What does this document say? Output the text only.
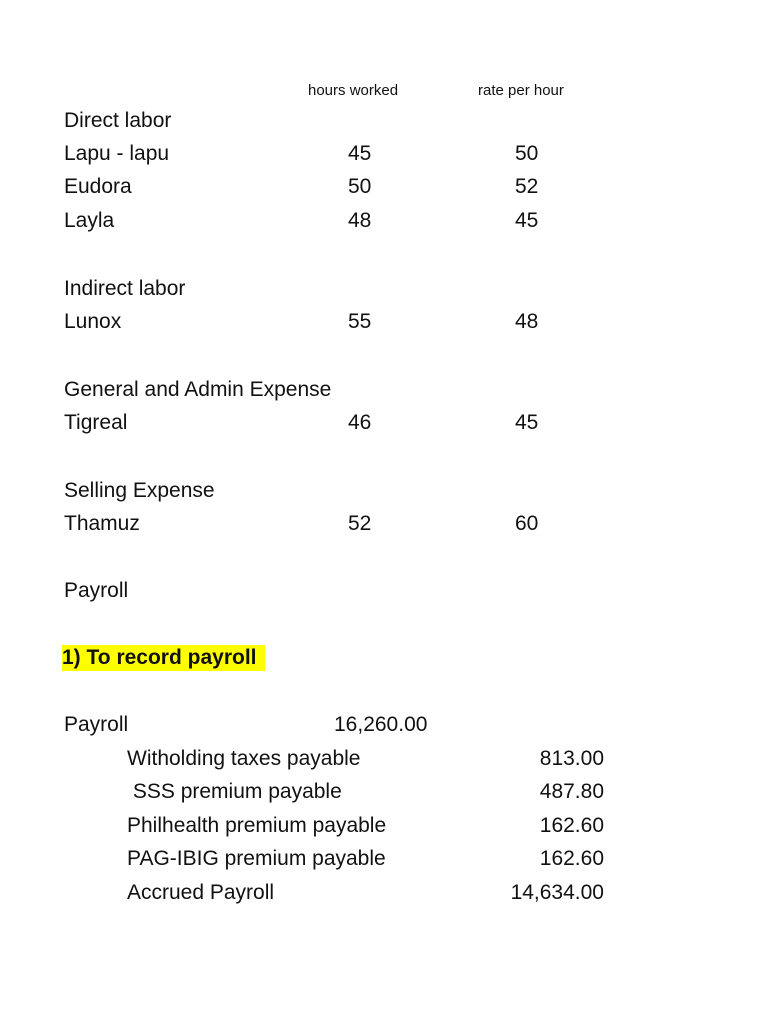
hours worked	rate per hour
Direct labor
Lapu - lapu	45	50
Eudora	50	52
Layla	48	45
Indirect labor
Lunox	55	48
General and Admin Expense
Tigreal	46	45
Selling Expense
Thamuz	52	60
Payroll
1) To record payroll
Payroll	16,260.00
Witholding taxes payable	813.00
SSS premium payable	487.80
Philhealth premium payable	162.60
PAG-IBIG premium payable	162.60
Accrued Payroll	14,634.00
